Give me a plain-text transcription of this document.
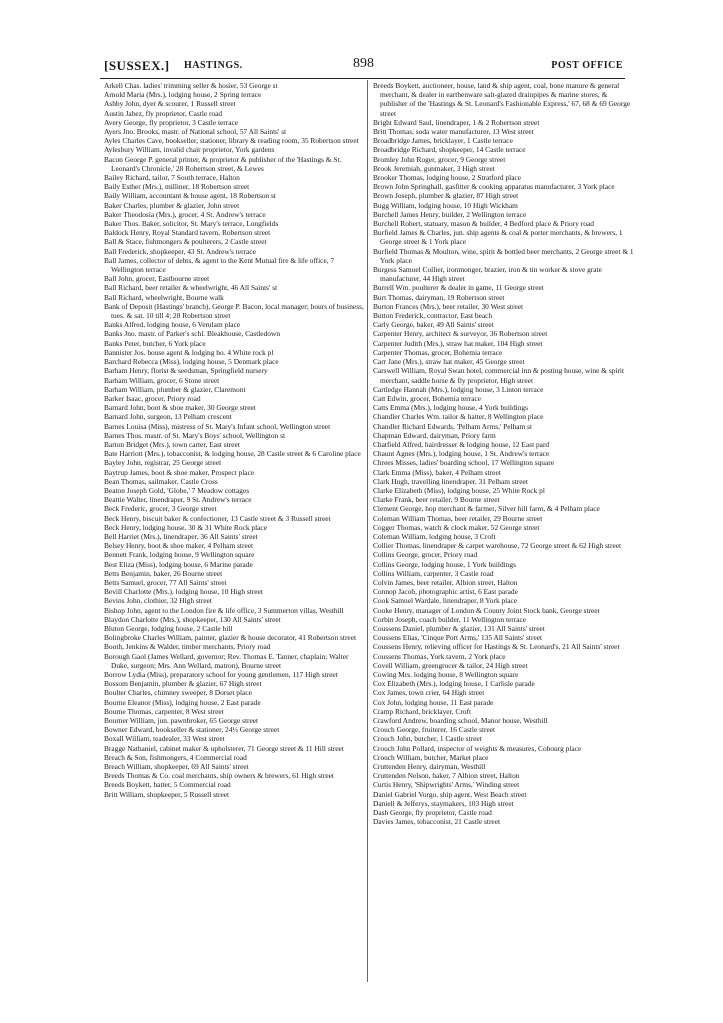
[SUSSEX.] HASTINGS.	898	POST OFFICE

Arkell Chas. ladies' trimming seller & hosier, 53 George st

Arnold Maria (Mrs.), lodging house, 2 Spring terrace

Ashby John, dyer & scourer, 1 Russell street

Austin Jabez, fly proprietor, Castle road

Avery George, fly proprietor, 3 Castle terrace

Ayers Jno. Brooks, mastr. of National school, 57 All Saints' st

Ayles Charles Cave, bookseller, stationer, library & reading room, 35 Robertson street

Aylesbury William, invalid chair proprietor, York gardens

Bacon George P. general printer, & proprietor & publisher of the 'Hastings & St. Leonard's Chronicle,' 28 Robertson street, & Lewes

Bailey Richard, tailor, 7 South terrace, Halton

Baily Esther (Mrs.), milliner, 18 Robertson street

Baily William, accountant & house agent, 18 Robertson st

Baker Charles, plumber & glazier, John street

Baker Theodosia (Mrs.), grocer, 4 St. Andrew's terrace

Baker Thos. Baker, solicitor, St. Mary's terrace, Longfields

Baldock Henry, Royal Standard tavern, Robertson street

Ball & Stace, fishmongers & poulterers, 2 Castle street

Ball Frederick, shopkeeper, 43 St. Andrew's terrace

Ball James, collector of debts, & agent to the Kent Mutual fire & life office, 7 Wellington terrace

Ball John, grocer, Eastbourne street

Ball Richard, beer retailer & wheelwright, 46 All Saints' st

Ball Richard, wheelwright, Bourne walk

Bank of Deposit (Hastings' branch), George P. Bacon, local manager; hours of business, tues. & sat. 10 till 4; 28 Robertson street

Banks Alfred, lodging house, 6 Verulam place

Banks Jno. mastr. of Parker's schl. Bleakhouse, Castledown

Banks Peter, butcher, 6 York place

Bannister Jos. house agent & lodging ho. 4 White rock pl

Barchard Rebecca (Miss), lodging house, 5 Denmark place

Barham Henry, florist & seedsman, Springfield nursery

Barham William, grocer, 6 Stone street

Barham William, plumber & glazier, Claremont

Barker Isaac, grocer, Priory road

Barnard John, boot & shoe maker, 30 George street

Barnard John, surgeon, 13 Pelham crescent

Barnes Louisa (Miss), mistress of St. Mary's Infant school, Wellington street

Barnes Thos. mastr. of St. Mary's Boys' school, Wellington st

Barton Bridget (Mrs.), town carter, East street

Bate Harriott (Mrs.), tobacconist, & lodging house, 28 Castle street & 6 Caroline place

Bayley John, registrar, 25 George street

Baytrup James, boot & shoe maker, Prospect place

Bean Thomas, sailmaker, Castle Cross

Beaton Joseph Gold, 'Globe,' 7 Meadow cottages

Beattie Walter, linendraper, 9 St. Andrew's terrace

Beck Frederic, grocer, 3 George street

Beck Henry, biscuit baker & confectioner, 13 Castle street & 3 Russell street

Beck Henry, lodging house, 30 & 31 White Rock place

Bell Harriet (Mrs.), linendraper, 36 All Saints' street

Belsey Henry, boot & shoe maker, 4 Pelham street

Bennett Frank, lodging house, 9 Wellington square

Best Eliza (Miss), lodging house, 6 Marine parade

Betts Benjamin, baker, 26 Bourne street

Betts Samuel, grocer, 77 All Saints' street

Bevill Charlotte (Mrs.), lodging house, 10 High street

Bevins John, clothier, 32 High street

Bishop John, agent to the London fire & life office, 3 Summerton villas, Westhill

Blaydon Charlotte (Mrs.), shopkeeper, 130 All Saints' street

Bluton George, lodging house, 2 Castle hill

Bolingbroke Charles William, painter, glazier & house decorator, 41 Robertson street

Booth, Jenkins & Walder, timber merchants, Priory road

Borough Gaol (James Wellard, governor; Rev. Thomas E. Tanner, chaplain; Walter Duke, surgeon; Mrs. Ann Wellard, matron), Bourne street

Borrow Lydia (Miss), preparatory school for young gentlemen, 117 High street

Bossom Benjamin, plumber & glazier, 67 High street

Boulter Charles, chimney sweeper, 8 Dorset place

Bourne Eleanor (Miss), lodging house, 2 East parade

Bourne Thomas, carpenter, 8 West street

Bourner William, jun. pawnbroker, 65 George street

Bowner Edward, bookseller & stationer, 24½ George street

Boxall William, teadealer, 33 West street

Bragge Nathaniel, cabinet maker & upholsterer, 71 George street & 11 Hill street

Breach & Son, fishmongers, 4 Commercial road

Breach William, shopkeeper, 69 All Saints' street

Breeds Thomas & Co. coal merchants, ship owners & brewers, 61 High street

Breeds Boykett, hatter, 5 Commercial road

Britt William, shopkeeper, 5 Russell street

Breeds Boykett, auctioneer, house, land & ship agent, coal, bone manure & general merchant, & dealer in earthenware salt-glazed drainpipes & marine stores, & publisher of the 'Hastings & St. Leonard's Fashionable Express,' 67, 68 & 69 George street

Bright Edward Saul, linendraper, 1 & 2 Robertson street

Britt Thomas, soda water manufacturer, 13 West street

Broadbridge James, bricklayer, 1 Castle terrace

Broadbridge Richard, shopkeeper, 14 Castle terrace

Bromley John Roger, grocer, 9 George street

Brook Jeremiah, gunmaker, 3 High street

Brooker Thomas, lodging house, 2 Stratford place

Brown John Springhall, gasfitter & cooking apparatus manufacturer, 3 York place

Brown Joseph, plumber & glazier, 87 High street

Bugg William, lodging house, 10 High Wickham

Burchell James Henry, builder, 2 Wellington terrace

Burchell Robert, statuary, mason & builder, 4 Bedford place & Priory road

Burfield James & Charles, jun. ship agents & coal & porter merchants, & brewers, 1 George street & 1 York place

Burfield Thomas & Moulton, wine, spirit & bottled beer merchants, 2 George street & 1 York place

Burgess Samuel Collier, ironmonger, brazier, iron & tin worker & stove grate manufacturer, 44 High street

Burrell Wm. poulterer & dealer in game, 11 George street

Burt Thomas, dairyman, 19 Robertson street

Burton Frances (Mrs.), beer retailer, 30 West street

Button Frederick, contractor, East beach

Carly George, baker, 49 All Saints' street

Carpenter Henry, architect & surveyor, 36 Robertson street

Carpenter Judith (Mrs.), straw hat maker, 104 High street

Carpenter Thomas, grocer, Bohemia terrace

Carr Jane (Mrs.), straw hat maker, 45 George street

Carswell William, Royal Swan hotel, commercial inn & posting house, wine & spirit merchant, saddle horse & fly proprietor, High street

Cartledge Hannah (Mrs.), lodging house, 3 Linton terrace

Catt Edwin, grocer, Bohemia terrace

Catts Emma (Mrs.), lodging house, 4 York buildings

Chandler Charles Wm. tailor & hatter, 8 Wellington place

Chandler Richard Edwards, 'Pelham Arms,' Pelham st

Chapman Edward, dairyman, Priory farm

Chatfield Alfred, hairdresser & lodging house, 12 East pard

Chaunt Agnes (Mrs.), lodging house, 1 St. Andrew's terrace

Chrees Misses, ladies' boarding school, 17 Wellington square

Clark Emma (Miss), baker, 4 Pelham street

Clark Hugh, travelling linendraper, 31 Pelham street

Clarke Elizabeth (Miss), lodging house, 25 White Rock pl

Clarke Frank, beer retailer, 9 Bourne street

Clement George, hop merchant & farmer, Silver hill farm, & 4 Pelham place

Coleman William Thomas, beer retailer, 29 Bourne street

Cogger Thomas, watch & clock maker, 52 George street

Coleman William, lodging house, 3 Croft

Collier Thomas, linendraper & carpet warehouse, 72 George street & 62 High street

Collins George, grocer, Priory road

Collins George, lodging house, 1 York buildings

Collins William, carpenter, 3 Castle road

Colvin James, beer retailer, Albion street, Halton

Connop Jacob, photographic artist, 6 East parade

Cook Samuel Wardale, linendraper, 8 York place

Cooke Henry, manager of London & County Joint Stock bank, George street

Corbin Joseph, coach builder, 11 Wellington terrace

Coussens Daniel, plumber & glazier, 131 All Saints' street

Coussens Elias, 'Cinque Port Arms,' 135 All Saints' street

Coussens Henry, relieving officer for Hastings & St. Leonard's, 21 All Saints' street

Coussens Thomas, York tavern, 2 York place

Covell William, greengrocer & tailor, 24 High street

Cowing Mrs. lodging house, 8 Wellington square

Cox Elizabeth (Mrs.), lodging house, 1 Carlisle parade

Cox James, town crier, 64 High street

Cox John, lodging house, 11 East parade

Cramp Richard, bricklayer, Croft

Crawford Andrew, boarding school, Manor house, Westhill

Crouch George, fruiterer, 16 Castle street

Crouch John, butcher, 1 Castle street

Crouch John Pollard, inspector of weights & measures, Cobourg place

Crouch William, butcher, Market place

Cruttenden Henry, dairyman, Westhill

Cruttenden Nelson, baker, 7 Albion street, Halton

Curtis Henry, 'Shipwrights' Arms,' Winding street

Daniel Gabriel Vorgo, ship agent, West Beach street

Daniell & Jefferys, staymakers, 103 High street

Dash George, fly proprietor, Castle road

Davies James, tobacconist, 21 Castle street
